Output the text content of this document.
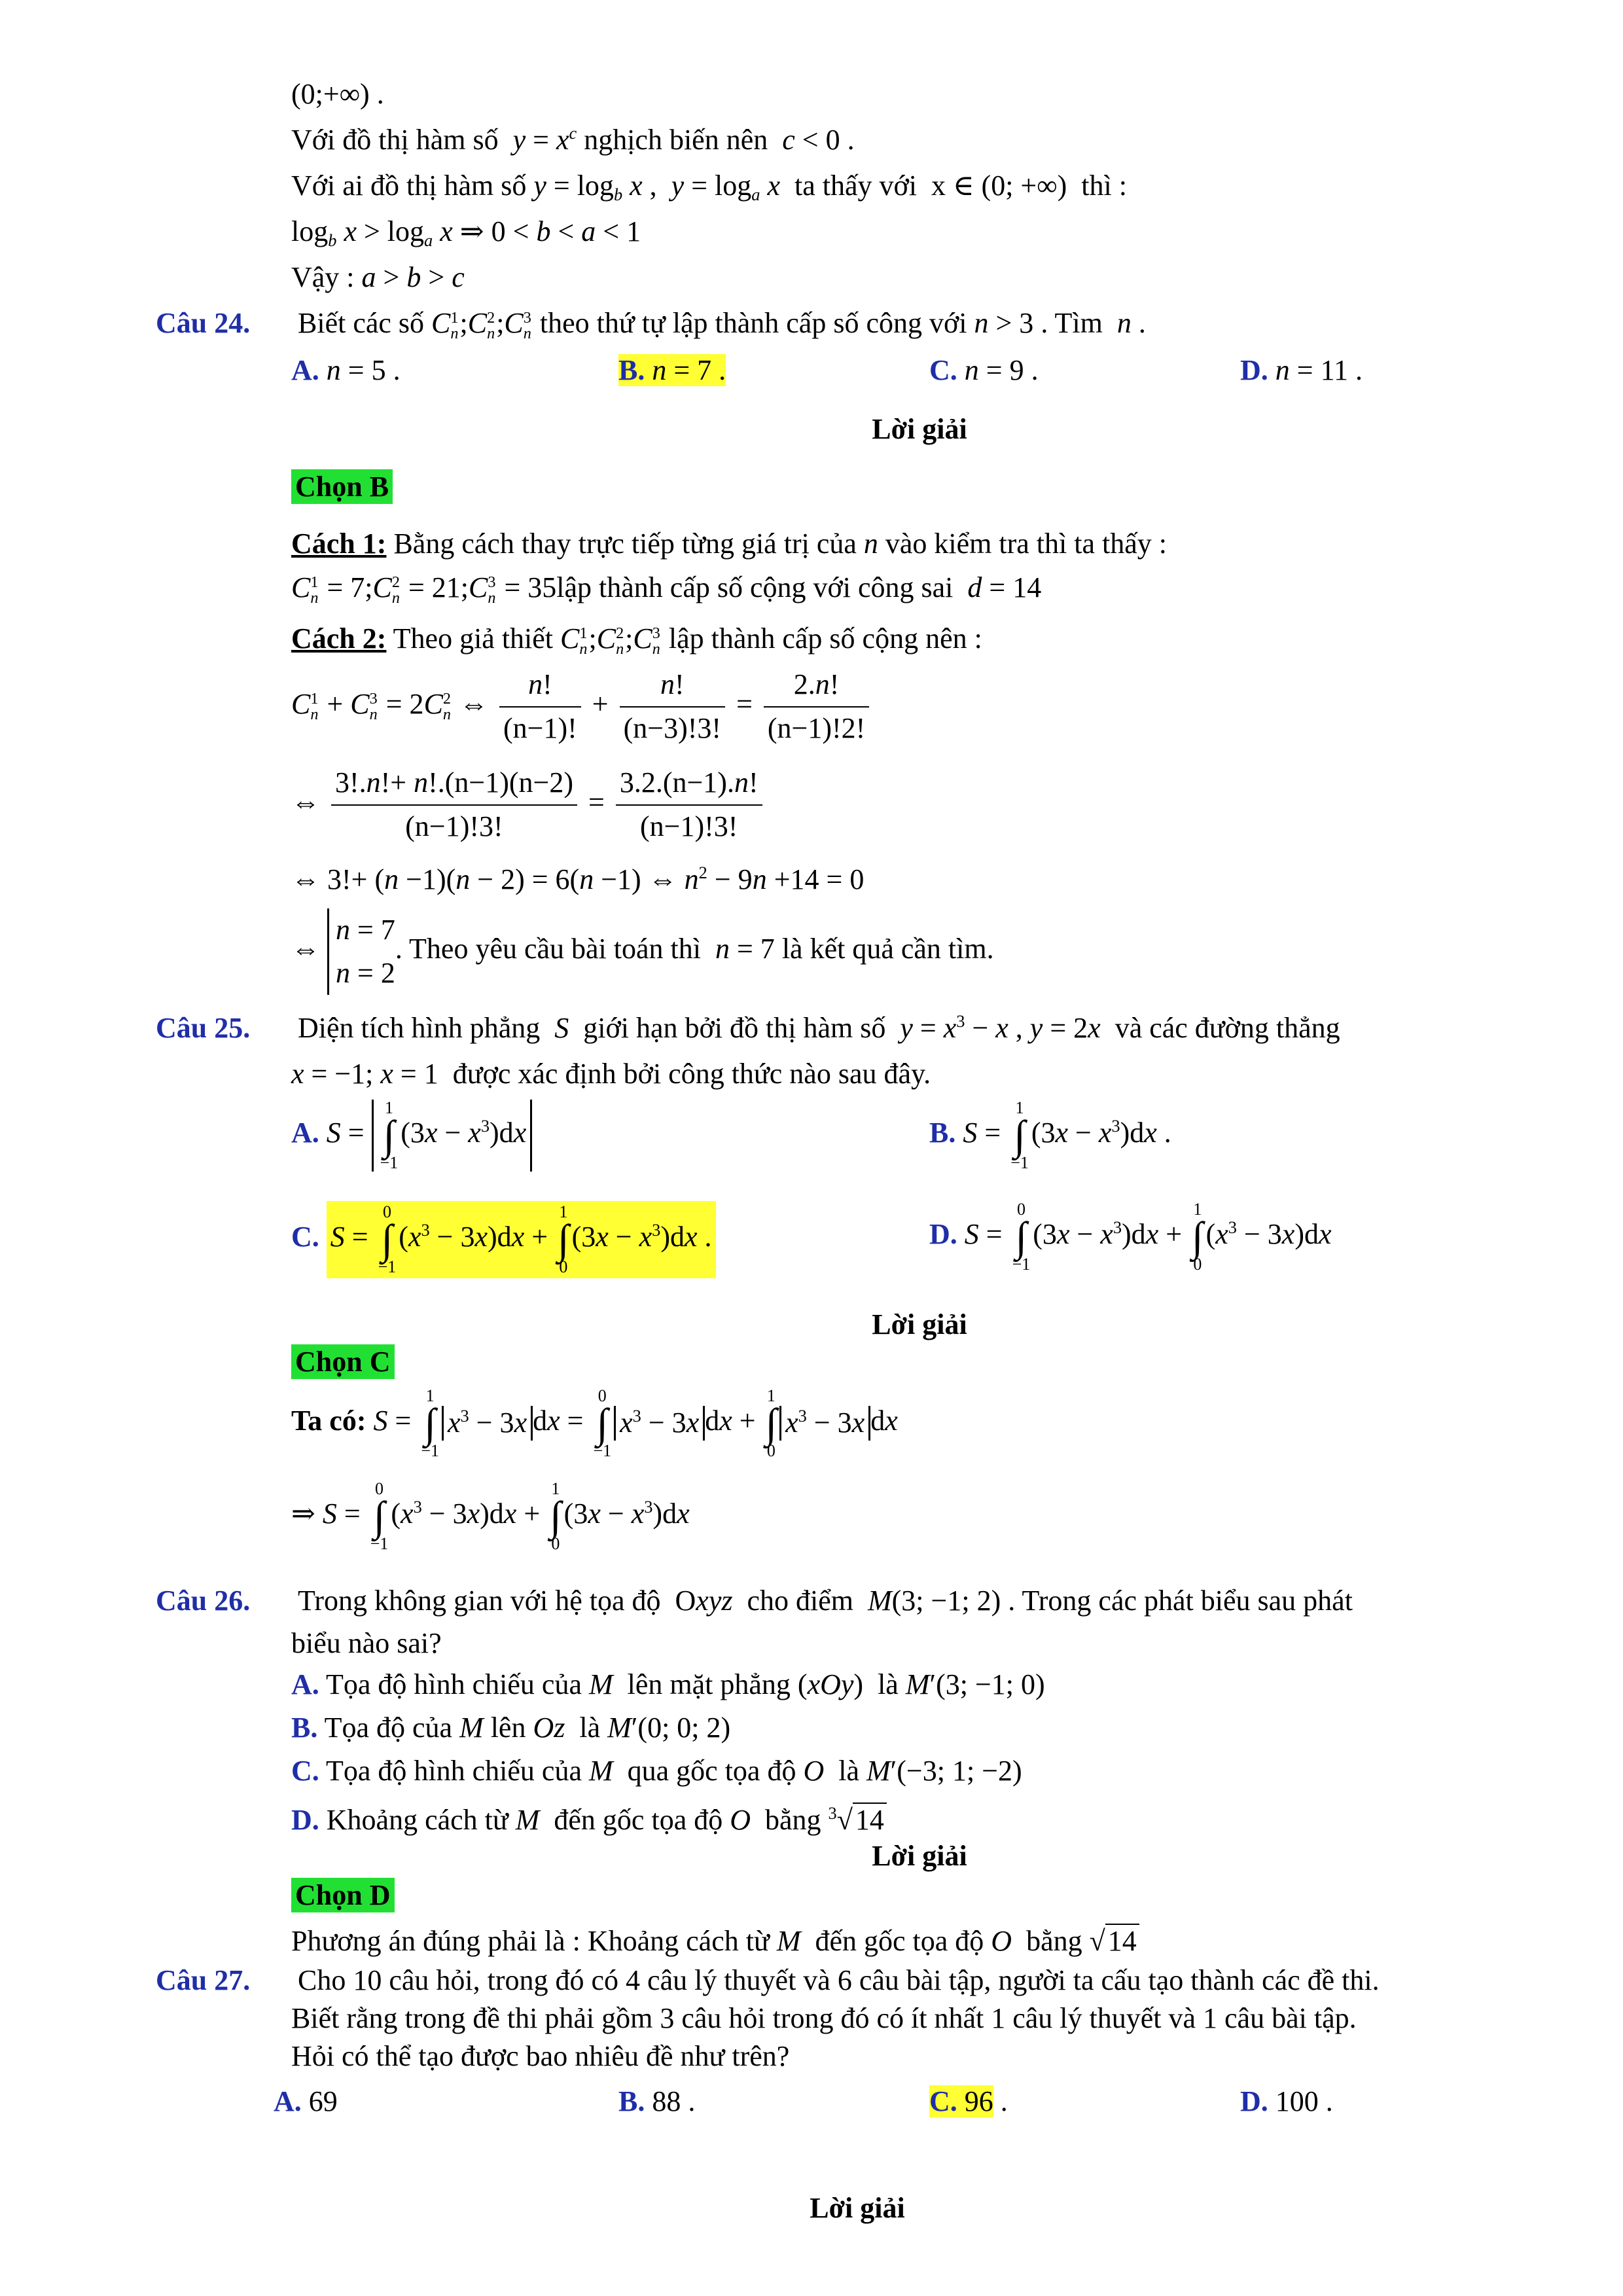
(0;+∞) .
Với đồ thị hàm số $y = x^c$ nghịch biến nên c < 0 .
Với ai đồ thị hàm số $y = \log_b x$ ,  $y = \log_a x$ ta thấy với  x ∈ (0; +∞)  thì :
$\log_b x > \log_a x$ ⇒ 0 < b < a < 1
Vậy : a > b > c
Câu 24. Biết các số C 1
n ;C 2
n ;C 3
n theo thứ tự lập thành cấp số công với n > 3 . Tìm n .
A. n = 5 .	B. n = 7 .	C. n = 9 .	D. n = 11 .
Lời giải
Chọn B
Cách 1: Bằng cách thay trực tiếp từng giá trị của n vào kiểm tra thì ta thấy :
C 1
n = 7;C 2
n = 21;C 3
n = 35lập thành cấp số cộng với công sai d = 14
Cách 2: Theo giả thiết C 1
n ;C 2
n ;C 3
n lập thành cấp số cộng nên :
C 1
n + C 3
n = 2C 2
n ⇔ $\frac{n!}{(n-1)!} + \frac{n!}{(n-3)!3!} = \frac{2.n!}{(n-1)!2!}$
⇔ $\frac{3!.n!+ n!.(n-1)(n-2)}{(n-1)!3!} = \frac{3.2.(n-1).n!}{(n-1)!3!}$
⇔ 3!+ (n −1)(n − 2) = 6(n −1) ⇔ $n^2 - 9n +14 = 0$
⇔ n = 7
n = 2. Theo yêu cầu bài toán thì n = 7 là kết quả cần tìm.
Câu 25. Diện tích hình phẳng S giới hạn bởi đồ thị hàm số $y = x^3 - x$ , y = 2x và các đường thẳng
x = −1; x = 1  được xác định bởi công thức nào sau đây.
A. S =
1
∫
−1
$(3x - x^3)dx$	B. S =
1
∫
−1
$(3x - x^3)dx$ .
C. S =
0
∫
−1
$(x^3 - 3x)dx$ +
1
∫
0
$(3x - x^3)dx$ .	D. S =
0
∫
−1
$(3x - x^3)dx$ +
1
∫
0
$(x^3 - 3x)dx$
Lời giải
Chọn C
Ta có: S =
1
∫
−1
$x^3 - 3x$ dx =
0
∫
−1
$x^3 - 3x$ dx +
1
∫
0
$x^3 - 3x$ dx
⇒ S =
0
∫
−1
$(x^3 - 3x)dx$ +
1
∫
0
$(3x - x^3)dx$
Câu 26. Trong không gian với hệ tọa độ  Oxyz cho điểm M(3; −1; 2) . Trong các phát biểu sau phát
biểu nào sai?
A. Tọa độ hình chiếu của M lên mặt phẳng (xOy)  là M′(3; −1; 0)
B. Tọa độ của M lên Oz là M′(0; 0; 2)
C. Tọa độ hình chiếu của M qua gốc tọa độ O là M′(−3; 1; −2)
D. Khoảng cách từ M đến gốc tọa độ O bằng $^3$√14
Lời giải
Chọn D
Phương án đúng phải là : Khoảng cách từ M đến gốc tọa độ O bằng √14
Câu 27. Cho 10 câu hỏi, trong đó có 4 câu lý thuyết và 6 câu bài tập, người ta cấu tạo thành các đề thi.
Biết rằng trong đề thi phải gồm 3 câu hỏi trong đó có ít nhất 1 câu lý thuyết và 1 câu bài tập.
Hỏi có thể tạo được bao nhiêu đề như trên?
A. 69	B. 88 .	C. 96 .	D. 100 .
Lời giải
